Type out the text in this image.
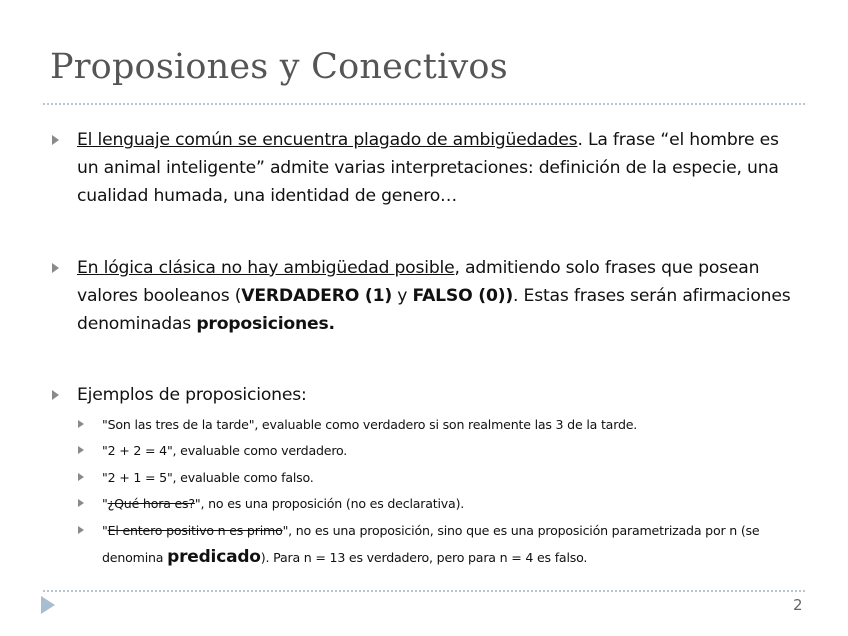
Proposiones y Conectivos
El lenguaje común se encuentra plagado de ambigüedades. La frase “el hombre es un animal inteligente” admite varias interpretaciones: definición de la especie, una cualidad humada, una identidad de genero…
En lógica clásica no hay ambigüedad posible, admitiendo solo frases que posean valores booleanos (VERDADERO (1) y FALSO (0)). Estas frases serán afirmaciones denominadas proposiciones.
Ejemplos de proposiciones:
"Son las tres de la tarde", evaluable como verdadero si son realmente las 3 de la tarde.
"2 + 2 = 4", evaluable como verdadero.
"2 + 1 = 5", evaluable como falso.
"¿Qué hora es?", no es una proposición (no es declarativa).
"El entero positivo n es primo", no es una proposición, sino que es una proposición parametrizada por n (se denomina predicado). Para n = 13 es verdadero, pero para n = 4 es falso.
2
